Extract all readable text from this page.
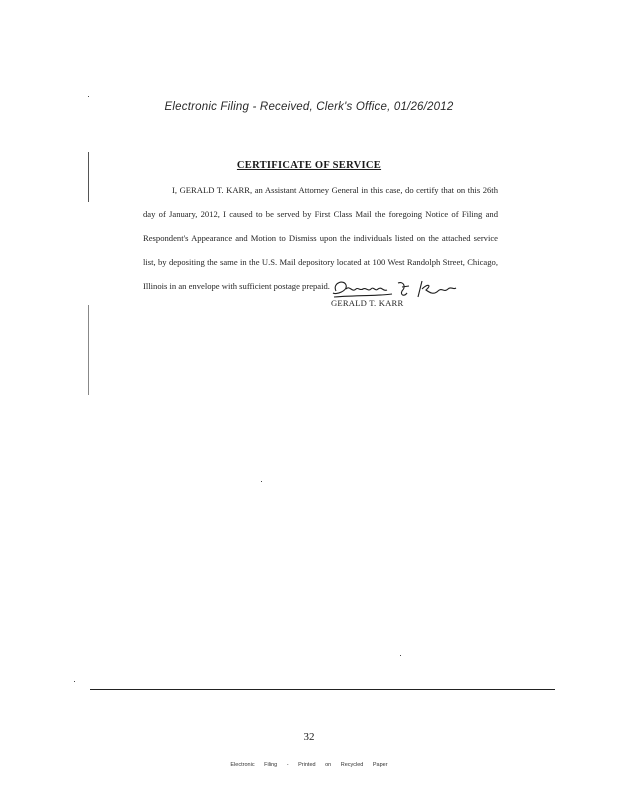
Electronic Filing - Received, Clerk's Office, 01/26/2012
CERTIFICATE OF SERVICE
I, GERALD T. KARR, an Assistant Attorney General in this case, do certify that on this 26th day of January, 2012, I caused to be served by First Class Mail the foregoing Notice of Filing and Respondent's Appearance and Motion to Dismiss upon the individuals listed on the attached service list, by depositing the same in the U.S. Mail depository located at 100 West Randolph Street, Chicago, Illinois in an envelope with sufficient postage prepaid.
GERALD T. KARR
32
Electronic Filing - Printed on Recycled Paper
